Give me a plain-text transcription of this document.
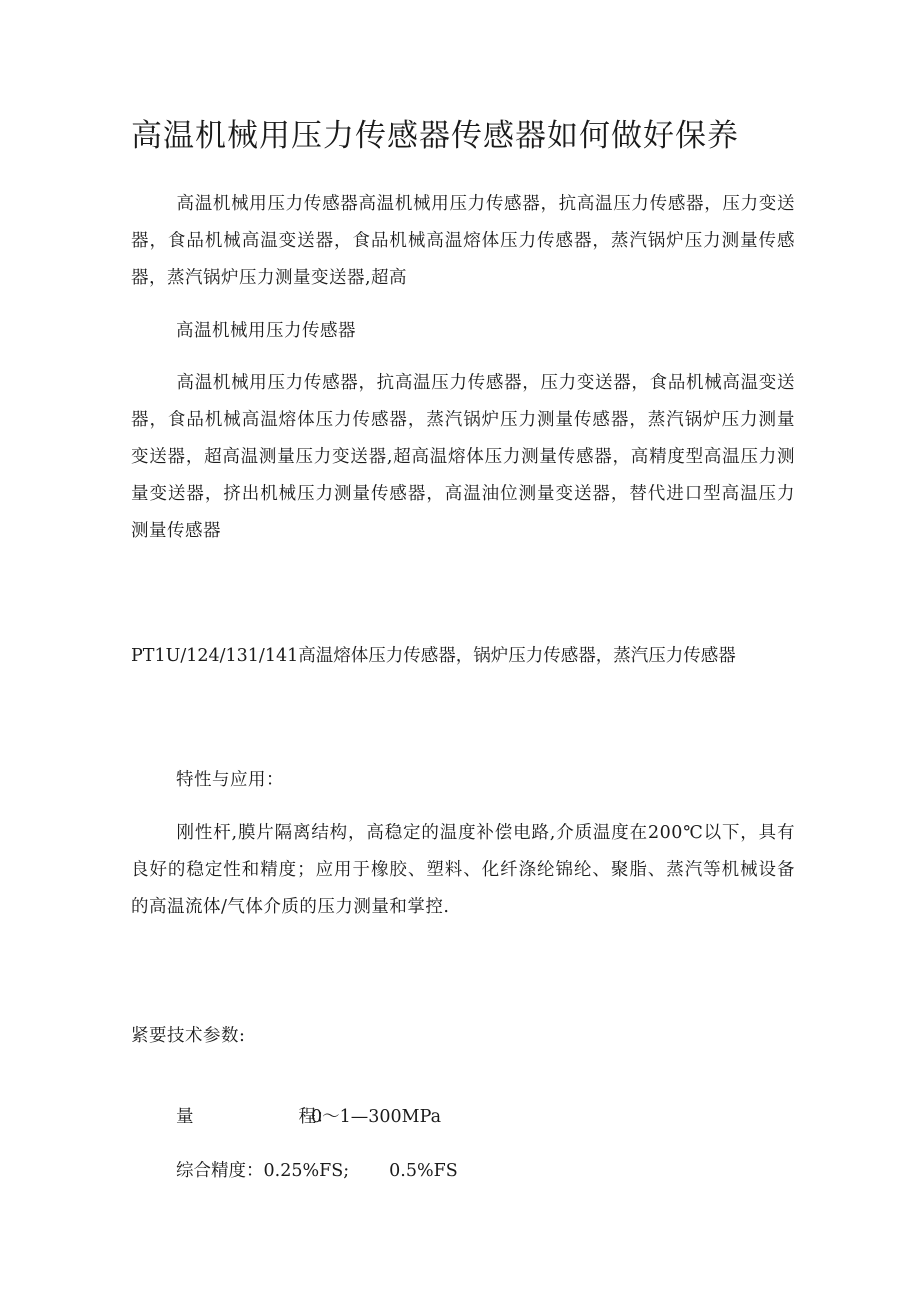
高温机械用压力传感器传感器如何做好保养

高温机械用压力传感器高温机械用压力传感器，抗高温压力传感器，压力变送器，食品机械高温变送器，食品机械高温熔体压力传感器，蒸汽锅炉压力测量传感器，蒸汽锅炉压力测量变送器,超高

高温机械用压力传感器

高温机械用压力传感器，抗高温压力传感器，压力变送器，食品机械高温变送器，食品机械高温熔体压力传感器，蒸汽锅炉压力测量传感器，蒸汽锅炉压力测量变送器，超高温测量压力变送器,超高温熔体压力测量传感器，高精度型高温压力测量变送器，挤出机械压力测量传感器，高温油位测量变送器，替代进口型高温压力测量传感器

PT1U/124/131/141高温熔体压力传感器，锅炉压力传感器，蒸汽压力传感器

特性与应用：

刚性杆,膜片隔离结构，高稳定的温度补偿电路,介质温度在200℃以下，具有良好的稳定性和精度；应用于橡胶、塑料、化纤涤纶锦纶、聚脂、蒸汽等机械设备的高温流体/气体介质的压力测量和掌控.

紧要技术参数:

量　　　　　　程：0～1—300MPa

综合精度：0.25%FS; 0.5%FS
